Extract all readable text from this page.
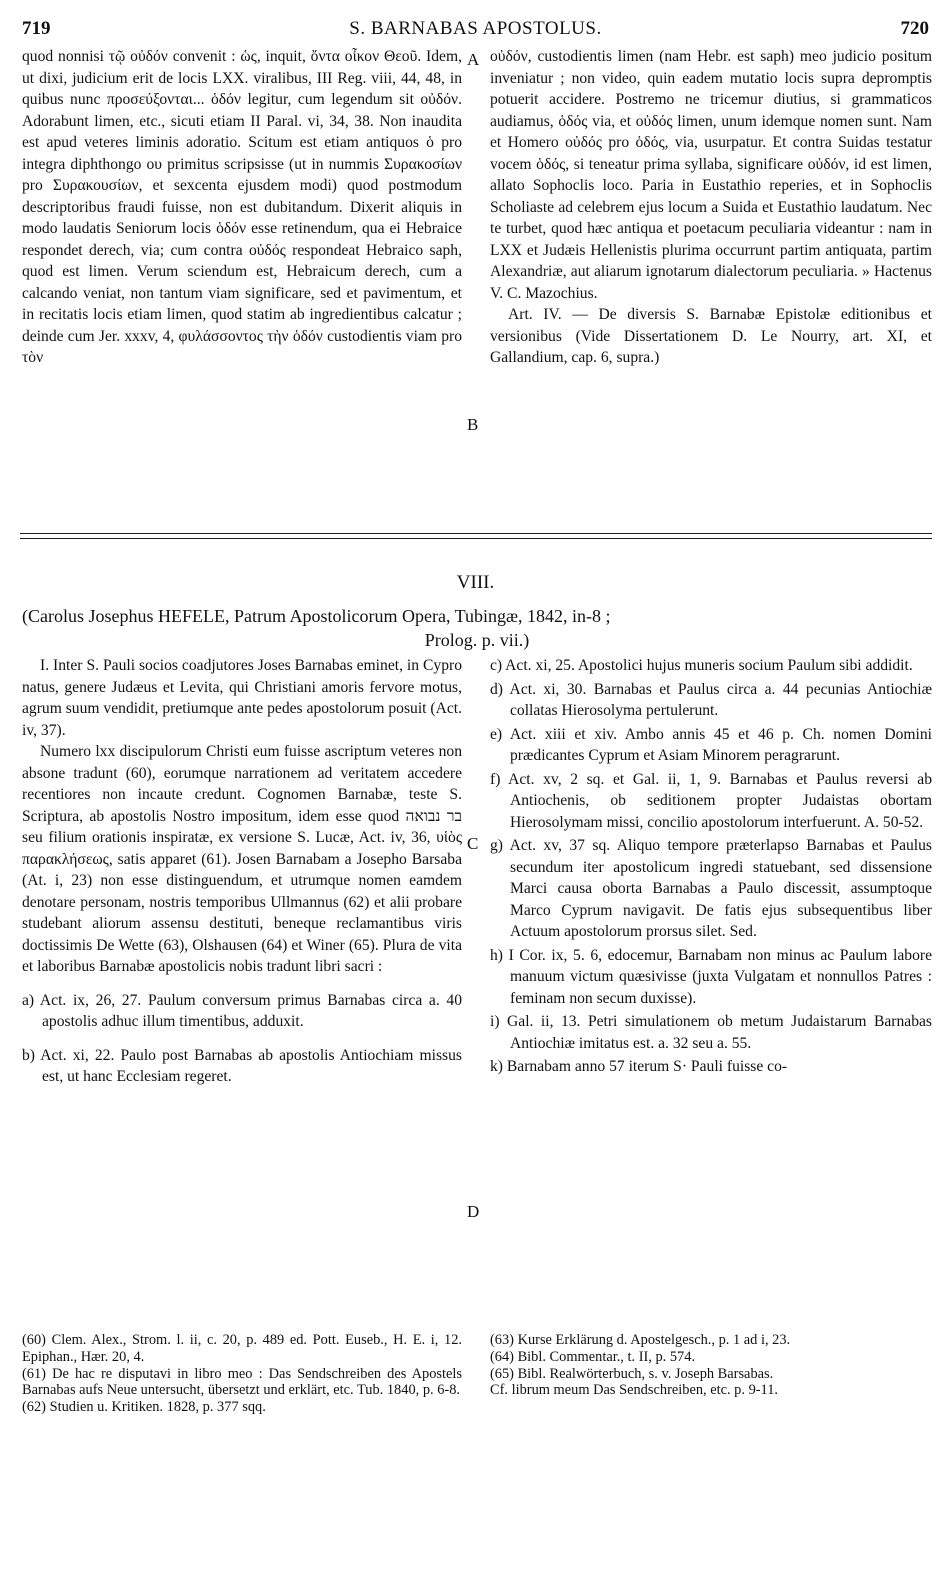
719	S. BARNABAS APOSTOLUS.	720

quod nonnisi τῷ οὐδόν convenit : ὡς, inquit, ὄντα οἶκον Θεοῦ. Idem, ut dixi, judicium erit de locis LXX. viralibus, III Reg. viii, 44, 48, in quibus nunc προσεύξονται... ὁδόν legitur, cum legendum sit οὐδόν. Adorabunt limen, etc., sicuti etiam II Paral. vi, 34, 38. Non inaudita est apud veteres liminis adoratio. Scitum est etiam antiquos ὁ pro integra diphthongo ου primitus scripsisse (ut in nummis Συρακοσίων pro Συρακουσίων, et sexcenta ejusdem modi) quod postmodum descriptoribus fraudi fuisse, non est dubitandum. Dixerit aliquis in modo laudatis Seniorum locis ὁδόν esse retinendum, qua ei Hebraice respondet derech, via; cum contra οὐδός respondeat Hebraico saph, quod est limen. Verum sciendum est, Hebraicum derech, cum a calcando veniat, non tantum viam significare, sed et pavimentum, et in recitatis locis etiam limen, quod statim ab ingredientibus calcatur ; deinde cum Jer. xxxv, 4, φυλάσσοντος τὴν ὁδόν custodientis viam pro τὸν

οὐδόν, custodientis limen (nam Hebr. est saph) meo judicio positum inveniatur ; non video, quin eadem mutatio locis supra depromptis potuerit accidere. Postremo ne tricemur diutius, si grammaticos audiamus, ὁδός via, et οὐδός limen, unum idemque nomen sunt. Nam et Homero οὐδός pro ὁδός, via, usurpatur. Et contra Suidas testatur vocem ὁδός, si teneatur prima syllaba, significare οὐδόν, id est limen, allato Sophoclis loco. Paria in Eustathio reperies, et in Sophoclis Scholiaste ad celebrem ejus locum a Suida et Eustathio laudatum. Nec te turbet, quod hæc antiqua et poetacum peculiaria videantur : nam in LXX et Judæis Hellenistis plurima occurrunt partim antiquata, partim Alexandriæ, aut aliarum ignotarum dialectorum peculiaria. » Hactenus V. C. Mazochius.

Art. IV. — De diversis S. Barnabæ Epistolæ editionibus et versionibus (Vide Dissertationem D. Le Nourry, art. XI, et Gallandium, cap. 6, supra.)

A
B
C
D
VIII.
(Carolus Josephus HEFELE, Patrum Apostolicorum Opera, Tubingæ, 1842, in-8 ;
Prolog. p. vii.)

I. Inter S. Pauli socios coadjutores Joses Barnabas eminet, in Cypro natus, genere Judæus et Levita, qui Christiani amoris fervore motus, agrum suum vendidit, pretiumque ante pedes apostolorum posuit (Act. iv, 37).

Numero lxx discipulorum Christi eum fuisse ascriptum veteres non absone tradunt (60), eorumque narrationem ad veritatem accedere recentiores non incaute credunt. Cognomen Barnabæ, teste S. Scriptura, ab apostolis Nostro impositum, idem esse quod בר נבואה seu filium orationis inspiratæ, ex versione S. Lucæ, Act. iv, 36, υἱὸς παρακλήσεως, satis apparet (61). Josen Barnabam a Josepho Barsaba (At. i, 23) non esse distinguendum, et utrumque nomen eamdem denotare personam, nostris temporibus Ullmannus (62) et alii probare studebant aliorum assensu destituti, beneque reclamantibus viris doctissimis De Wette (63), Olshausen (64) et Winer (65). Plura de vita et laboribus Barnabæ apostolicis nobis tradunt libri sacri :

a) Act. ix, 26, 27. Paulum conversum primus Barnabas circa a. 40 apostolis adhuc illum timentibus, adduxit.

b) Act. xi, 22. Paulo post Barnabas ab apostolis Antiochiam missus est, ut hanc Ecclesiam regeret.

c) Act. xi, 25. Apostolici hujus muneris socium Paulum sibi addidit.

d) Act. xi, 30. Barnabas et Paulus circa a. 44 pecunias Antiochiæ collatas Hierosolyma pertulerunt.

e) Act. xiii et xiv. Ambo annis 45 et 46 p. Ch. nomen Domini prædicantes Cyprum et Asiam Minorem peragrarunt.

f) Act. xv, 2 sq. et Gal. ii, 1, 9. Barnabas et Paulus reversi ab Antiochenis, ob seditionem propter Judaistas obortam Hierosolymam missi, concilio apostolorum interfuerunt. A. 50-52.

g) Act. xv, 37 sq. Aliquo tempore præterlapso Barnabas et Paulus secundum iter apostolicum ingredi statuebant, sed dissensione Marci causa oborta Barnabas a Paulo discessit, assumptoque Marco Cyprum navigavit. De fatis ejus subsequentibus liber Actuum apostolorum prorsus silet. Sed.

h) I Cor. ix, 5. 6, edocemur, Barnabam non minus ac Paulum labore manuum victum quæsivisse (juxta Vulgatam et nonnullos Patres : feminam non secum duxisse).

i) Gal. ii, 13. Petri simulationem ob metum Judaistarum Barnabas Antiochiæ imitatus est. a. 32 seu a. 55.

k) Barnabam anno 57 iterum S· Pauli fuisse co-

(60) Clem. Alex., Strom. l. ii, c. 20, p. 489 ed. Pott. Euseb., H. E. i, 12. Epiphan., Hær. 20, 4.

(61) De hac re disputavi in libro meo : Das Sendschreiben des Apostels Barnabas aufs Neue untersucht, übersetzt und erklärt, etc. Tub. 1840, p. 6-8.

(62) Studien u. Kritiken. 1828, p. 377 sqq.

(63) Kurse Erklärung d. Apostelgesch., p. 1 ad i, 23.

(64) Bibl. Commentar., t. II, p. 574.

(65) Bibl. Realwörterbuch, s. v. Joseph Barsabas.

Cf. librum meum Das Sendschreiben, etc. p. 9-11.
